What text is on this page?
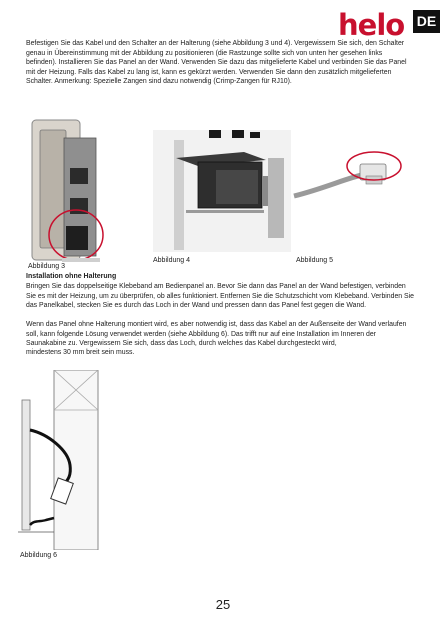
helo DE

Befestigen Sie das Kabel und den Schalter an der Halterung (siehe Abbildung 3 und 4). Vergewissern Sie sich, den Schalter genau in Übereinstimmung mit der Abbildung zu positionieren (die Rastzunge sollte sich von unten her gesehen links befinden). Installieren Sie das Panel an der Wand. Verwenden Sie dazu das mitgelieferte Kabel und verbinden Sie das Panel mit der Heizung. Falls das Kabel zu lang ist, kann es gekürzt werden. Verwenden Sie dann den zusätzlich mitgelieferten Schalter. Anmerkung: Spezielle Zangen sind dazu notwendig (Crimp-Zangen für RJ10).

Abbildung 3
Abbildung 4	Abbildung 5
Installation ohne Halterung

Bringen Sie das doppelseitige Klebeband am Bedienpanel an. Bevor Sie dann das Panel an der Wand befestigen, verbinden Sie es mit der Heizung, um zu überprüfen, ob alles funktioniert. Entfernen Sie die Schutzschicht vom Klebeband. Verbinden Sie das Panelkabel, stecken Sie es durch das Loch in der Wand und pressen dann das Panel fest gegen die Wand.

Wenn das Panel ohne Halterung montiert wird, es aber notwendig ist, dass das Kabel an der Außenseite der Wand verlaufen soll, kann folgende Lösung verwendet werden (siehe Abbildung 6). Das trifft nur auf eine Installation im Inneren der Saunakabine zu. Vergewissern Sie sich, dass das Loch, durch welches das Kabel durchgesteckt wird,

mindestens 30 mm breit sein muss.

Abbildung 6
25
